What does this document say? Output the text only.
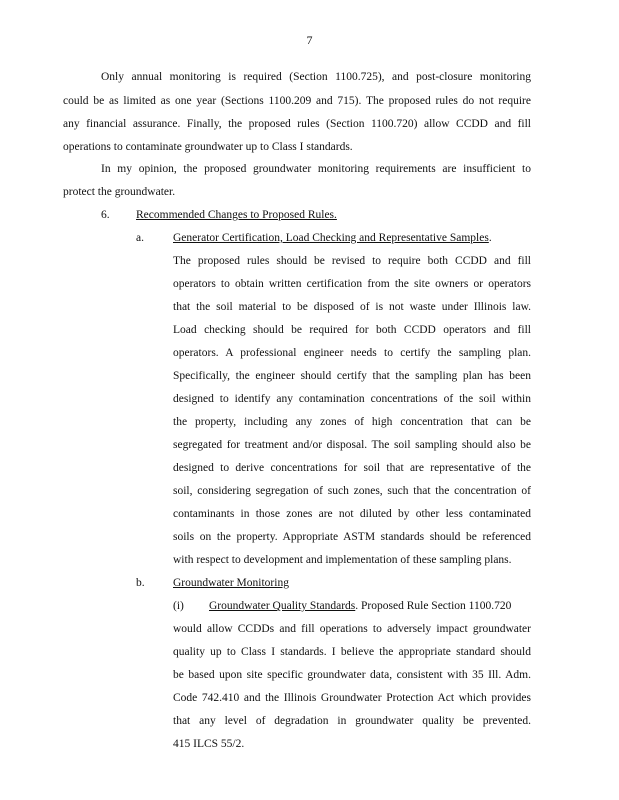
7
Only annual monitoring is required (Section 1100.725), and post-closure monitoring
could be as limited as one year (Sections 1100.209 and 715). The proposed rules do not require
any financial assurance. Finally, the proposed rules (Section 1100.720) allow CCDD and fill
operations to contaminate groundwater up to Class I standards.
In my opinion, the proposed groundwater monitoring requirements are insufficient to
protect the groundwater.
6. Recommended Changes to Proposed Rules.
a.	Generator Certification, Load Checking and Representative Samples.
The proposed rules should be revised to require both CCDD and fill
operators to obtain written certification from the site owners or operators
that the soil material to be disposed of is not waste under Illinois law.
Load checking should be required for both CCDD operators and fill
operators. A professional engineer needs to certify the sampling plan.
Specifically, the engineer should certify that the sampling plan has been
designed to identify any contamination concentrations of the soil within
the property, including any zones of high concentration that can be
segregated for treatment and/or disposal. The soil sampling should also be
designed to derive concentrations for soil that are representative of the
soil, considering segregation of such zones, such that the concentration of
contaminants in those zones are not diluted by other less contaminated
soils on the property. Appropriate ASTM standards should be referenced
with respect to development and implementation of these sampling plans.
b. Groundwater Monitoring
(i) Groundwater Quality Standards. Proposed Rule Section 1100.720
would allow CCDDs and fill operations to adversely impact groundwater
quality up to Class I standards. I believe the appropriate standard should
be based upon site specific groundwater data, consistent with 35 Ill. Adm.
Code 742.410 and the Illinois Groundwater Protection Act which provides
that any level of degradation in groundwater quality be prevented.
415 ILCS 55/2.
